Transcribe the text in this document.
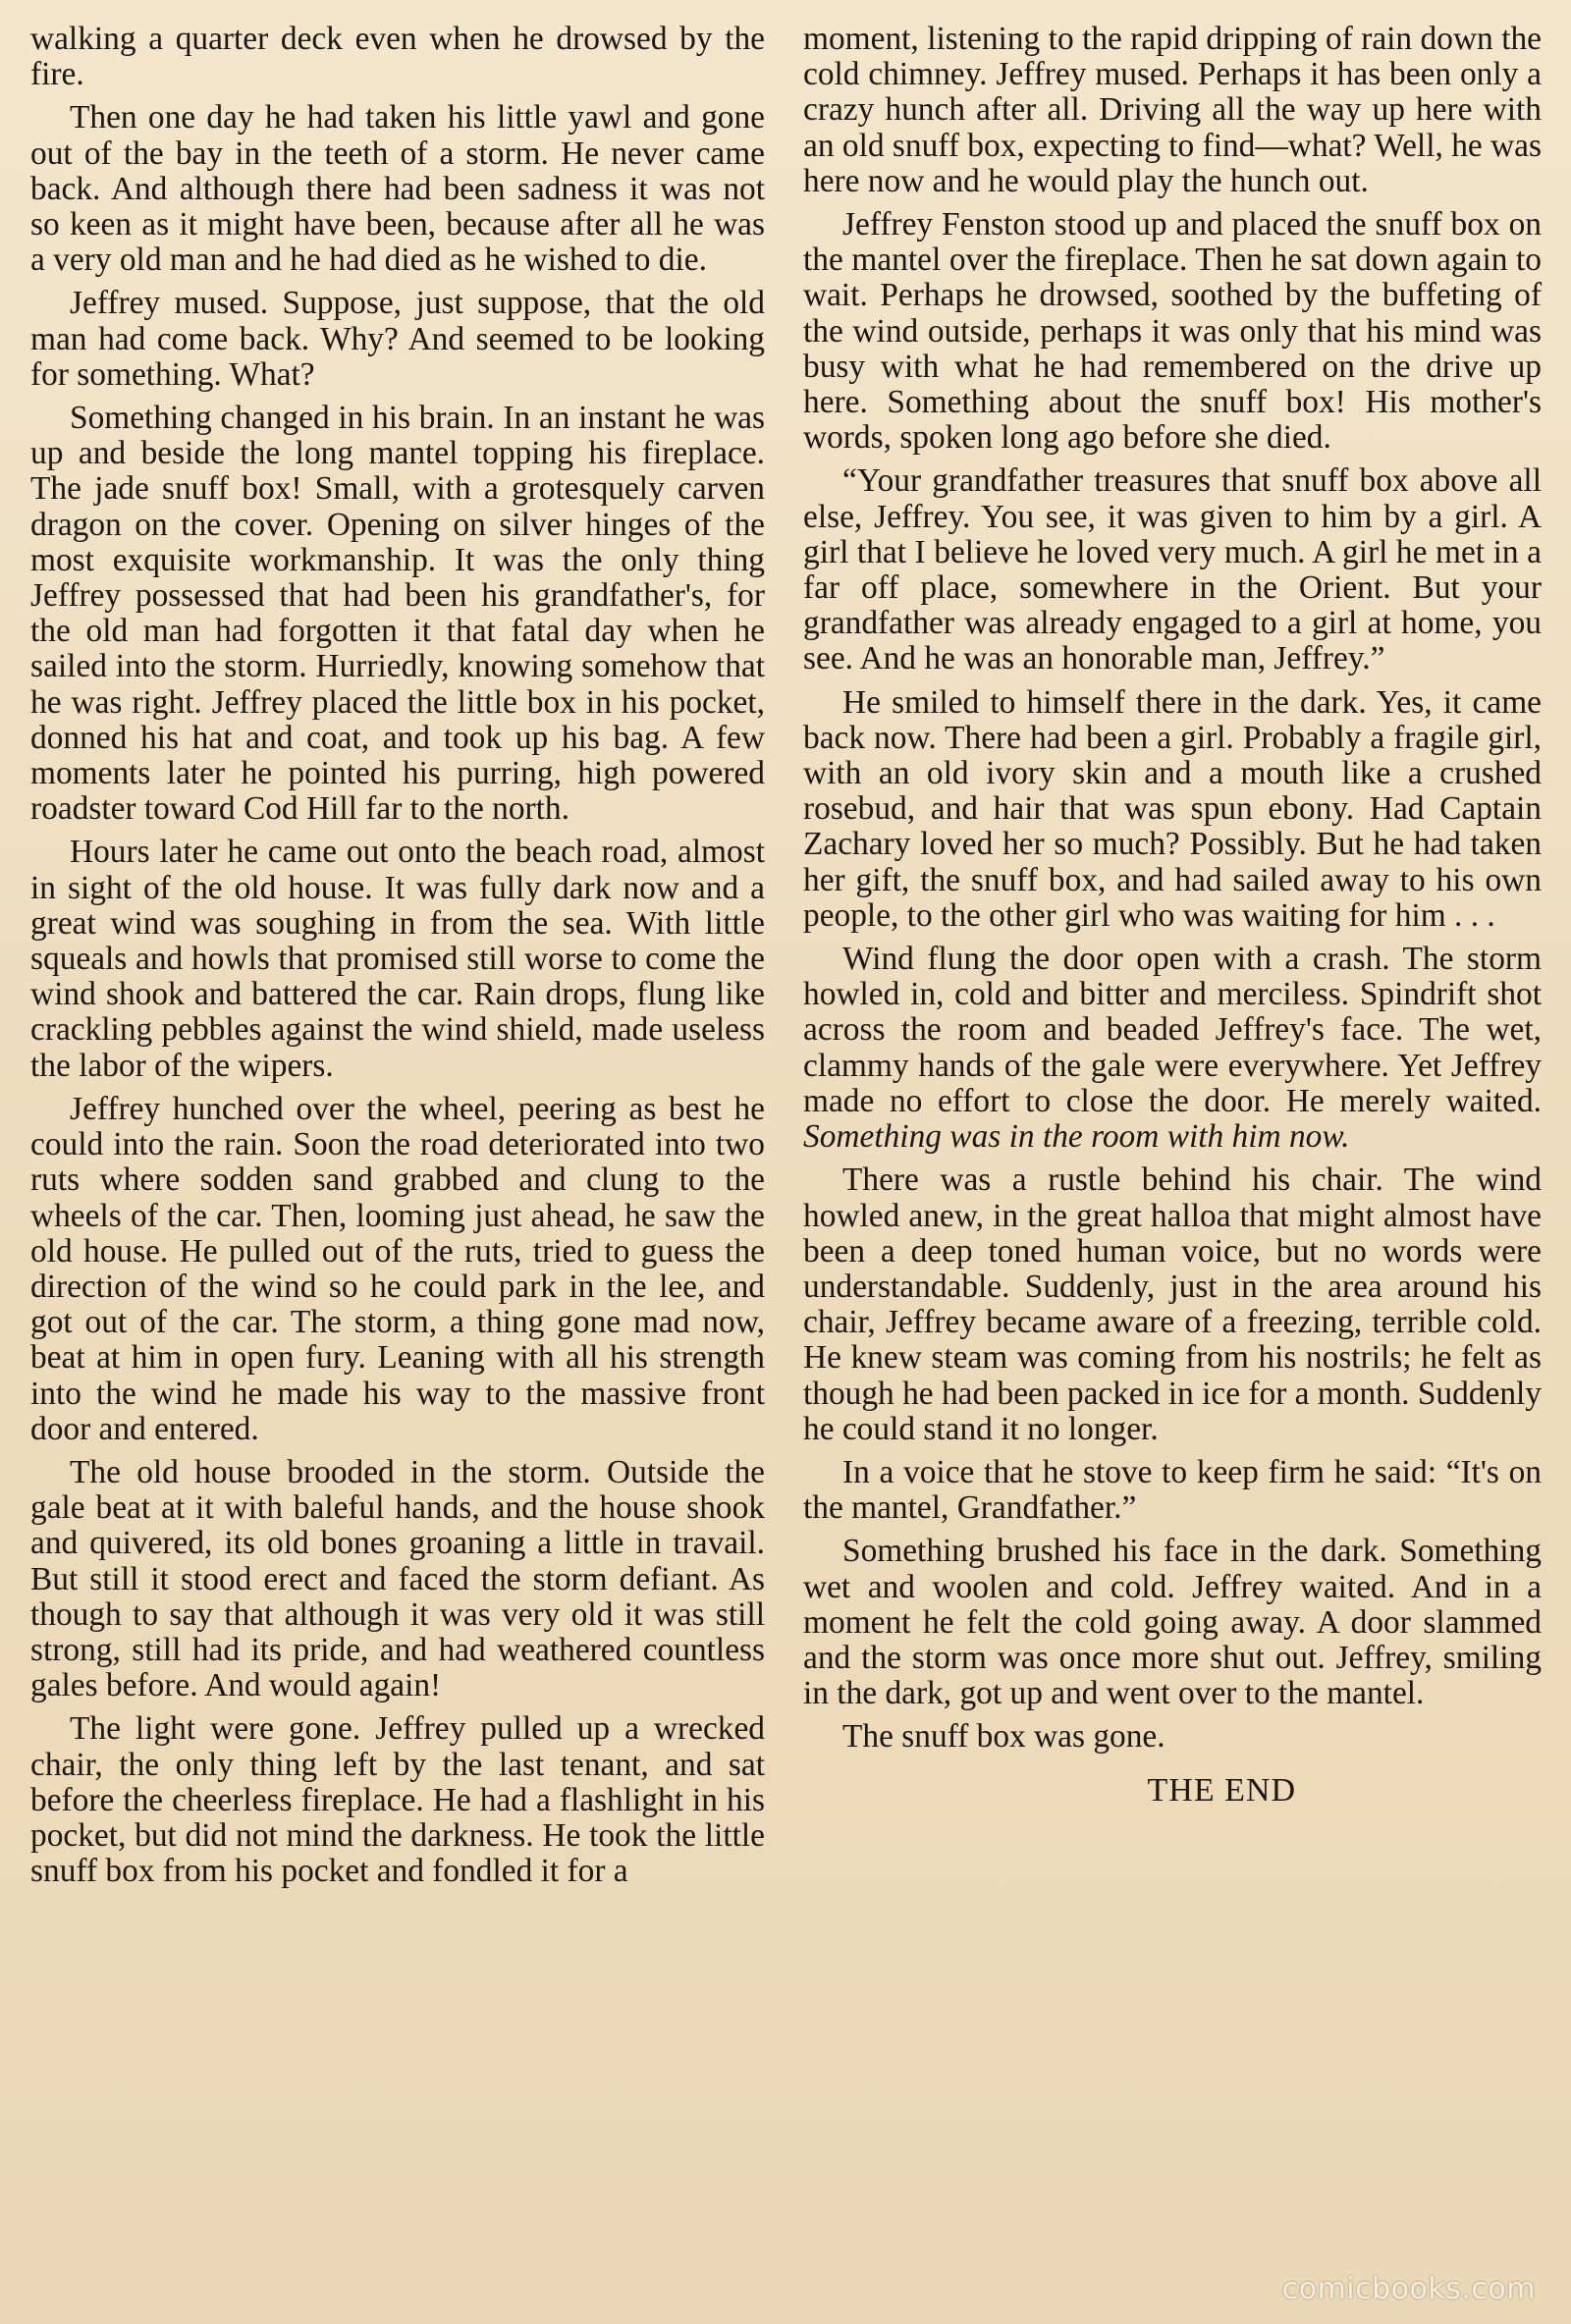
walking a quarter deck even when he drowsed by the fire.

Then one day he had taken his little yawl and gone out of the bay in the teeth of a storm. He never came back. And although there had been sadness it was not so keen as it might have been, because after all he was a very old man and he had died as he wished to die.

Jeffrey mused. Suppose, just suppose, that the old man had come back. Why? And seemed to be looking for something. What?

Something changed in his brain. In an instant he was up and beside the long mantel topping his fireplace. The jade snuff box! Small, with a grotesquely carven dragon on the cover. Opening on silver hinges of the most exquisite workmanship. It was the only thing Jeffrey possessed that had been his grandfather's, for the old man had forgotten it that fatal day when he sailed into the storm. Hurriedly, knowing somehow that he was right. Jeffrey placed the little box in his pocket, donned his hat and coat, and took up his bag. A few moments later he pointed his purring, high powered roadster toward Cod Hill far to the north.

Hours later he came out onto the beach road, almost in sight of the old house. It was fully dark now and a great wind was soughing in from the sea. With little squeals and howls that promised still worse to come the wind shook and battered the car. Rain drops, flung like crackling pebbles against the wind shield, made useless the labor of the wipers.

Jeffrey hunched over the wheel, peering as best he could into the rain. Soon the road deteriorated into two ruts where sodden sand grabbed and clung to the wheels of the car. Then, looming just ahead, he saw the old house. He pulled out of the ruts, tried to guess the direction of the wind so he could park in the lee, and got out of the car. The storm, a thing gone mad now, beat at him in open fury. Leaning with all his strength into the wind he made his way to the massive front door and entered.

The old house brooded in the storm. Outside the gale beat at it with baleful hands, and the house shook and quivered, its old bones groaning a little in travail. But still it stood erect and faced the storm defiant. As though to say that although it was very old it was still strong, still had its pride, and had weathered countless gales before. And would again!

The light were gone. Jeffrey pulled up a wrecked chair, the only thing left by the last tenant, and sat before the cheerless fireplace. He had a flashlight in his pocket, but did not mind the darkness. He took the little snuff box from his pocket and fondled it for a

moment, listening to the rapid dripping of rain down the cold chimney. Jeffrey mused. Perhaps it has been only a crazy hunch after all. Driving all the way up here with an old snuff box, expecting to find—what? Well, he was here now and he would play the hunch out.

Jeffrey Fenston stood up and placed the snuff box on the mantel over the fireplace. Then he sat down again to wait. Perhaps he drowsed, soothed by the buffeting of the wind outside, perhaps it was only that his mind was busy with what he had remembered on the drive up here. Something about the snuff box! His mother's words, spoken long ago before she died.

“Your grandfather treasures that snuff box above all else, Jeffrey. You see, it was given to him by a girl. A girl that I believe he loved very much. A girl he met in a far off place, somewhere in the Orient. But your grandfather was already engaged to a girl at home, you see. And he was an honorable man, Jeffrey.”

He smiled to himself there in the dark. Yes, it came back now. There had been a girl. Probably a fragile girl, with an old ivory skin and a mouth like a crushed rosebud, and hair that was spun ebony. Had Captain Zachary loved her so much? Possibly. But he had taken her gift, the snuff box, and had sailed away to his own people, to the other girl who was waiting for him . . .

Wind flung the door open with a crash. The storm howled in, cold and bitter and merciless. Spindrift shot across the room and beaded Jeffrey's face. The wet, clammy hands of the gale were everywhere. Yet Jeffrey made no effort to close the door. He merely waited. Something was in the room with him now.

There was a rustle behind his chair. The wind howled anew, in the great halloa that might almost have been a deep toned human voice, but no words were understandable. Suddenly, just in the area around his chair, Jeffrey became aware of a freezing, terrible cold. He knew steam was coming from his nostrils; he felt as though he had been packed in ice for a month. Suddenly he could stand it no longer.

In a voice that he stove to keep firm he said: “It's on the mantel, Grandfather.”

Something brushed his face in the dark. Something wet and woolen and cold. Jeffrey waited. And in a moment he felt the cold going away. A door slammed and the storm was once more shut out. Jeffrey, smiling in the dark, got up and went over to the mantel.

The snuff box was gone.

THE END

comicbooks.com
